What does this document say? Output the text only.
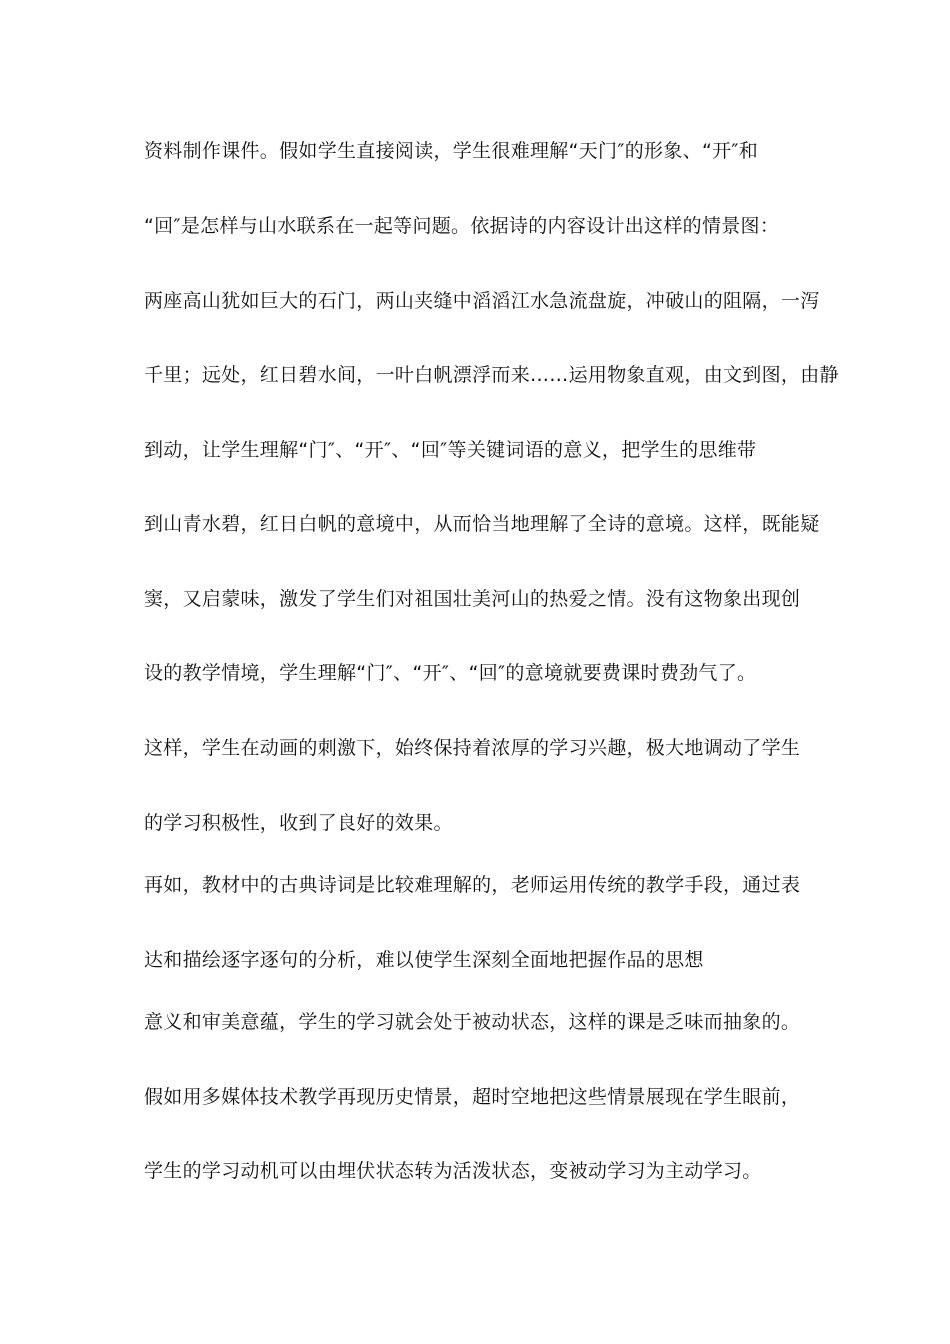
资料制作课件。假如学生直接阅读，学生很难理解“天门″的形象、“开″和
“回″是怎样与山水联系在一起等问题。依据诗的内容设计出这样的情景图：
两座高山犹如巨大的石门，两山夹缝中滔滔江水急流盘旋，冲破山的阻隔，一泻
千里；远处，红日碧水间，一叶白帆漂浮而来……运用物象直观，由文到图，由静
到动，让学生理解“门″、“开″、“回″等关键词语的意义，把学生的思维带
到山青水碧，红日白帆的意境中，从而恰当地理解了全诗的意境。这样，既能疑
窦，又启蒙味，激发了学生们对祖国壮美河山的热爱之情。没有这物象出现创
设的教学情境，学生理解“门″、“开″、“回″的意境就要费课时费劲气了。
这样，学生在动画的刺激下，始终保持着浓厚的学习兴趣，极大地调动了学生
的学习积极性，收到了良好的效果。
再如，教材中的古典诗词是比较难理解的，老师运用传统的教学手段，通过表
达和描绘逐字逐句的分析，难以使学生深刻全面地把握作品的思想
意义和审美意蕴，学生的学习就会处于被动状态，这样的课是乏味而抽象的。
假如用多媒体技术教学再现历史情景，超时空地把这些情景展现在学生眼前，
学生的学习动机可以由埋伏状态转为活泼状态，变被动学习为主动学习。
